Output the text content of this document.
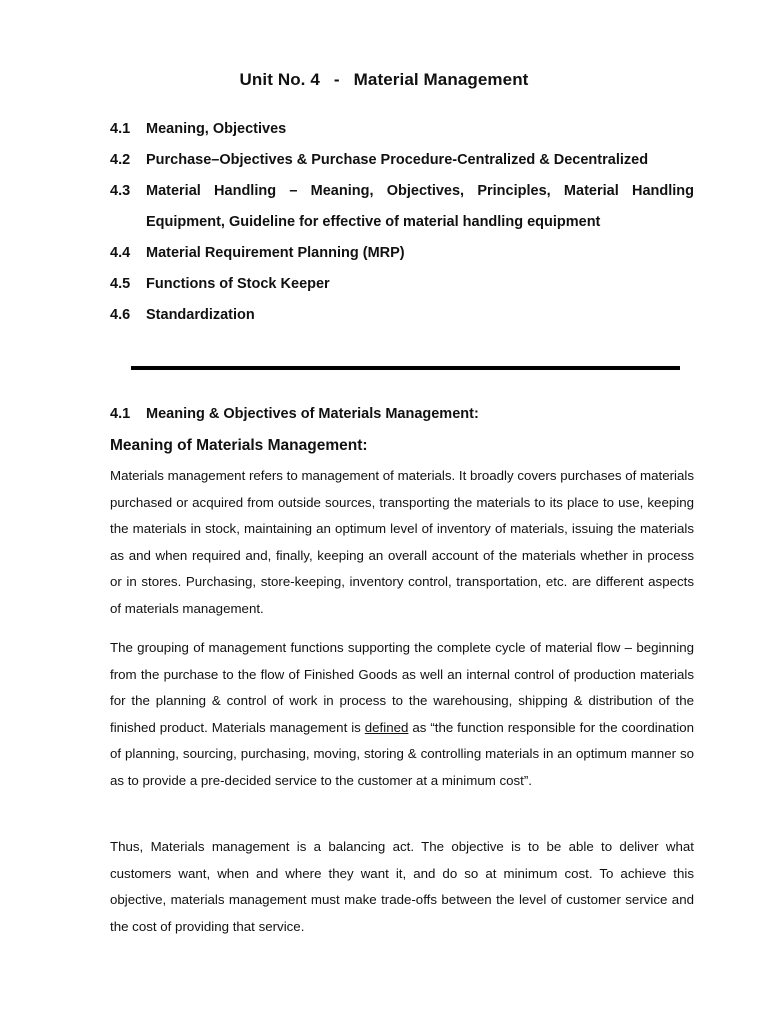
Unit No. 4 - Material Management
4.1	Meaning, Objectives
4.2	Purchase–Objectives & Purchase Procedure-Centralized & Decentralized
4.3	Material Handling – Meaning, Objectives, Principles, Material Handling
Equipment, Guideline for effective of material handling equipment
4.4	Material Requirement Planning (MRP)
4.5	Functions of Stock Keeper
4.6	Standardization
4.1 Meaning & Objectives of Materials Management:
Meaning of Materials Management:

Materials management refers to management of materials. It broadly covers purchases of materials purchased or acquired from outside sources, transporting the materials to its place to use, keeping the materials in stock, maintaining an optimum level of inventory of materials, issuing the materials as and when required and, finally, keeping an overall account of the materials whether in process or in stores. Purchasing, store-keeping, inventory control, transportation, etc. are different aspects of materials management.

The grouping of management functions supporting the complete cycle of material flow – beginning from the purchase to the flow of Finished Goods as well an internal control of production materials for the planning & control of work in process to the warehousing, shipping & distribution of the finished product. Materials management is defined as “the function responsible for the coordination of planning, sourcing, purchasing, moving, storing & controlling materials in an optimum manner so as to provide a pre-decided service to the customer at a minimum cost”.

Thus, Materials management is a balancing act. The objective is to be able to deliver what customers want, when and where they want it, and do so at minimum cost. To achieve this objective, materials management must make trade-offs between the level of customer service and the cost of providing that service.
